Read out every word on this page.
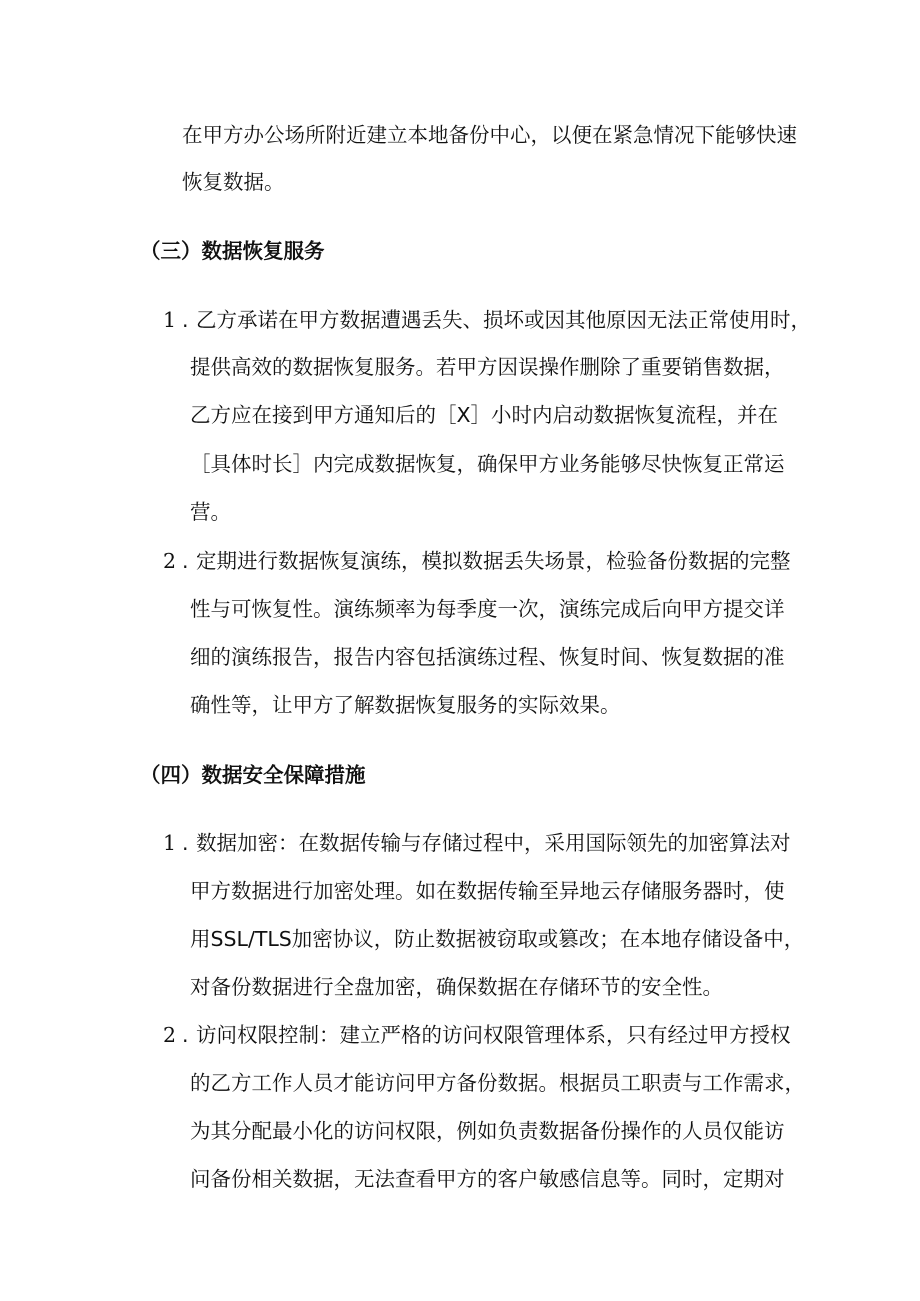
在甲方办公场所附近建立本地备份中心，以便在紧急情况下能够快速
恢复数据。
（三）数据恢复服务
1 . 乙方承诺在甲方数据遭遇丢失、损坏或因其他原因无法正常使用时，
提供高效的数据恢复服务。若甲方因误操作删除了重要销售数据，
乙方应在接到甲方通知后的［X］小时内启动数据恢复流程，并在
［具体时长］内完成数据恢复，确保甲方业务能够尽快恢复正常运
营。
2 . 定期进行数据恢复演练，模拟数据丢失场景，检验备份数据的完整
性与可恢复性。演练频率为每季度一次，演练完成后向甲方提交详
细的演练报告，报告内容包括演练过程、恢复时间、恢复数据的准
确性等，让甲方了解数据恢复服务的实际效果。
（四）数据安全保障措施
1 . 数据加密：在数据传输与存储过程中，采用国际领先的加密算法对
甲方数据进行加密处理。如在数据传输至异地云存储服务器时，使
用SSL/TLS加密协议，防止数据被窃取或篡改；在本地存储设备中，
对备份数据进行全盘加密，确保数据在存储环节的安全性。
2 . 访问权限控制：建立严格的访问权限管理体系，只有经过甲方授权
的乙方工作人员才能访问甲方备份数据。根据员工职责与工作需求，
为其分配最小化的访问权限，例如负责数据备份操作的人员仅能访
问备份相关数据，无法查看甲方的客户敏感信息等。同时，定期对
